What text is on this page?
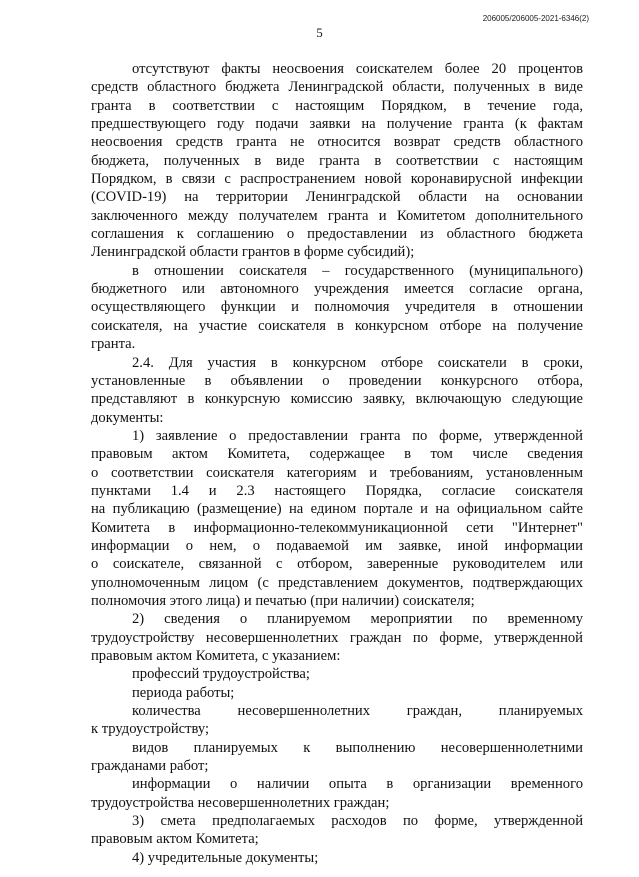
206005/206005-2021-6346(2)
5
отсутствуют факты неосвоения соискателем более 20 процентов
средств областного бюджета Ленинградской области, полученных в виде
гранта в соответствии с настоящим Порядком, в течение года,
предшествующего году подачи заявки на получение гранта (к фактам
неосвоения средств гранта не относится возврат средств областного
бюджета, полученных в виде гранта в соответствии с настоящим
Порядком, в связи с распространением новой коронавирусной инфекции
(COVID-19) на территории Ленинградской области на основании
заключенного между получателем гранта и Комитетом дополнительного
соглашения к соглашению о предоставлении из областного бюджета
Ленинградской области грантов в форме субсидий);
в отношении соискателя – государственного (муниципального)
бюджетного или автономного учреждения имеется согласие органа,
осуществляющего функции и полномочия учредителя в отношении
соискателя, на участие соискателя в конкурсном отборе на получение
гранта.
2.4. Для участия в конкурсном отборе соискатели в сроки,
установленные в объявлении о проведении конкурсного отбора,
представляют в конкурсную комиссию заявку, включающую следующие
документы:
1) заявление о предоставлении гранта по форме, утвержденной
правовым актом Комитета, содержащее в том числе сведения
о соответствии соискателя категориям и требованиям, установленным
пунктами 1.4 и 2.3 настоящего Порядка, согласие соискателя
на публикацию (размещение) на едином портале и на официальном сайте
Комитета в информационно-телекоммуникационной сети "Интернет"
информации о нем, о подаваемой им заявке, иной информации
о соискателе, связанной с отбором, заверенные руководителем или
уполномоченным лицом (с представлением документов, подтверждающих
полномочия этого лица) и печатью (при наличии) соискателя;
2) сведения о планируемом мероприятии по временному
трудоустройству несовершеннолетних граждан по форме, утвержденной
правовым актом Комитета, с указанием:
профессий трудоустройства;
периода работы;
количества несовершеннолетних граждан, планируемых
к трудоустройству;
видов планируемых к выполнению несовершеннолетними
гражданами работ;
информации о наличии опыта в организации временного
трудоустройства несовершеннолетних граждан;
3) смета предполагаемых расходов по форме, утвержденной
правовым актом Комитета;
4) учредительные документы;
